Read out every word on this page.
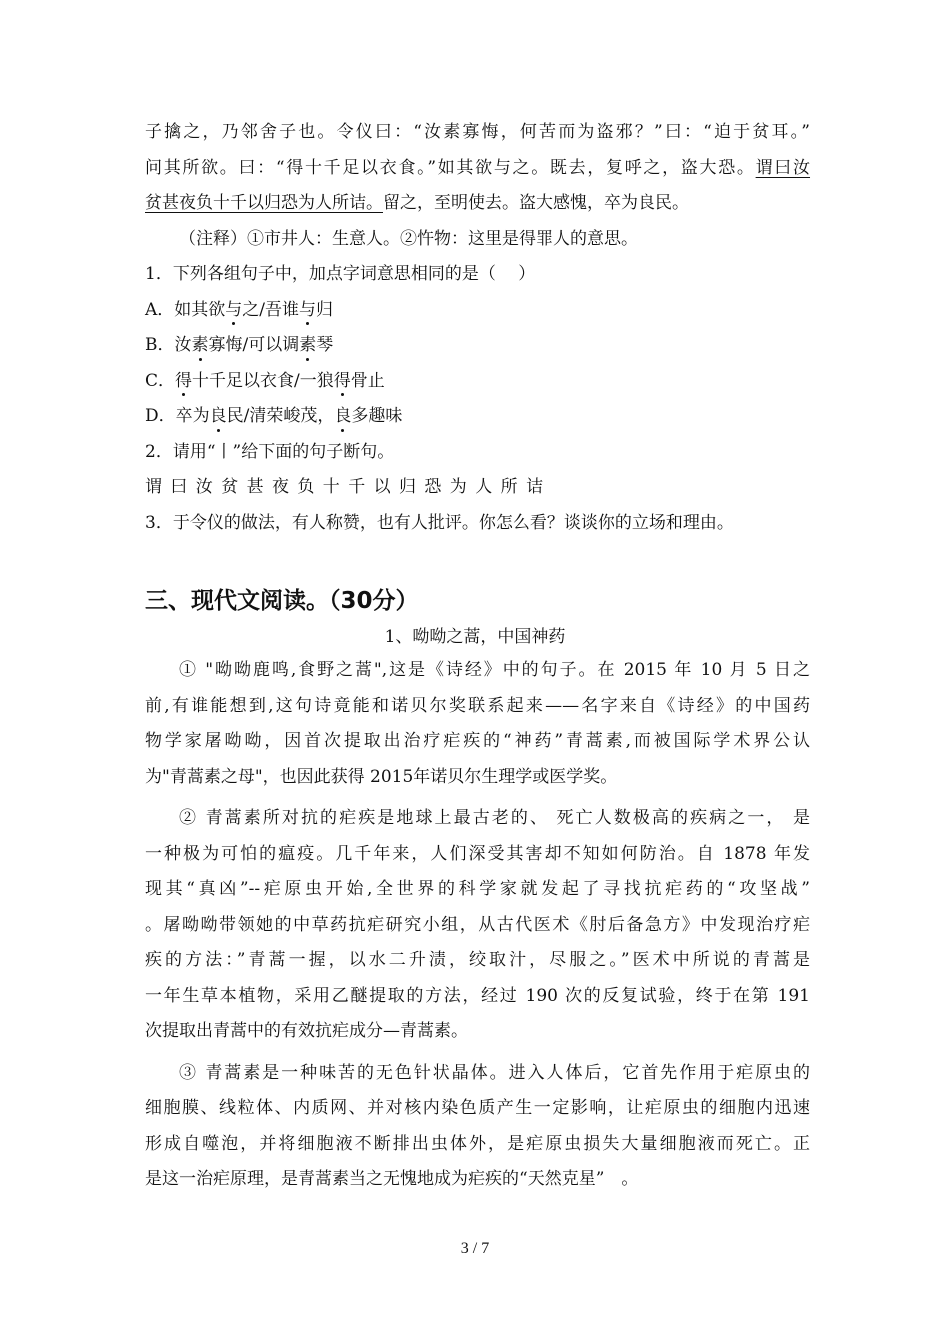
子擒之，乃邻舍子也。令仪曰：“汝素寡悔，何苦而为盗邪？”曰：“迫于贫耳。”
问其所欲。曰：“得十千足以衣食。”如其欲与之。既去，复呼之，盗大恐。谓曰汝
贫甚夜负十千以归恐为人所诘。留之，至明使去。盗大感愧，卒为良民。
（注释）①市井人：生意人。②忤物：这里是得罪人的意思。
1．下列各组句子中，加点字词意思相同的是（　 ）
A．如其欲与之/吾谁与归
B．汝素寡悔/可以调素琴
C．得十千足以衣食/一狼得骨止
D．卒为良民/清荣峻茂，良多趣味
2．请用“丨”给下面的句子断句。
谓曰汝贫甚夜负十千以归恐为人所诘
3．于令仪的做法，有人称赞，也有人批评。你怎么看？谈谈你的立场和理由。
三、现代文阅读。（30分）
1、呦呦之蒿，中国神药
① "呦呦鹿鸣,食野之蒿",这是《诗经》中的句子。在 2015 年 10 月 5 日之
前,有谁能想到,这句诗竟能和诺贝尔奖联系起来——名字来自《诗经》的中国药
物学家屠呦呦，因首次提取出治疗疟疾的“神药”青蒿素,而被国际学术界公认
为"青蒿素之母"，也因此获得 2015年诺贝尔生理学或医学奖。
② 青蒿素所对抗的疟疾是地球上最古老的、 死亡人数极高的疾病之一， 是
一种极为可怕的瘟疫。几千年来，人们深受其害却不知如何防治。自 1878 年发
现其“真凶”--疟原虫开始,全世界的科学家就发起了寻找抗疟药的“攻坚战”
。屠呦呦带领她的中草药抗疟研究小组，从古代医术《肘后备急方》中发现治疗疟
疾的方法：”青蒿一握，以水二升渍，绞取汁，尽服之。”医术中所说的青蒿是
一年生草本植物，采用乙醚提取的方法，经过 190 次的反复试验，终于在第 191
次提取出青蒿中的有效抗疟成分—青蒿素。
③ 青蒿素是一种味苦的无色针状晶体。进入人体后，它首先作用于疟原虫的
细胞膜、线粒体、内质网、并对核内染色质产生一定影响，让疟原虫的细胞内迅速
形成自噬泡，并将细胞液不断排出虫体外，是疟原虫损失大量细胞液而死亡。正
是这一治疟原理，是青蒿素当之无愧地成为疟疾的“天然克星”　。
3 / 7
